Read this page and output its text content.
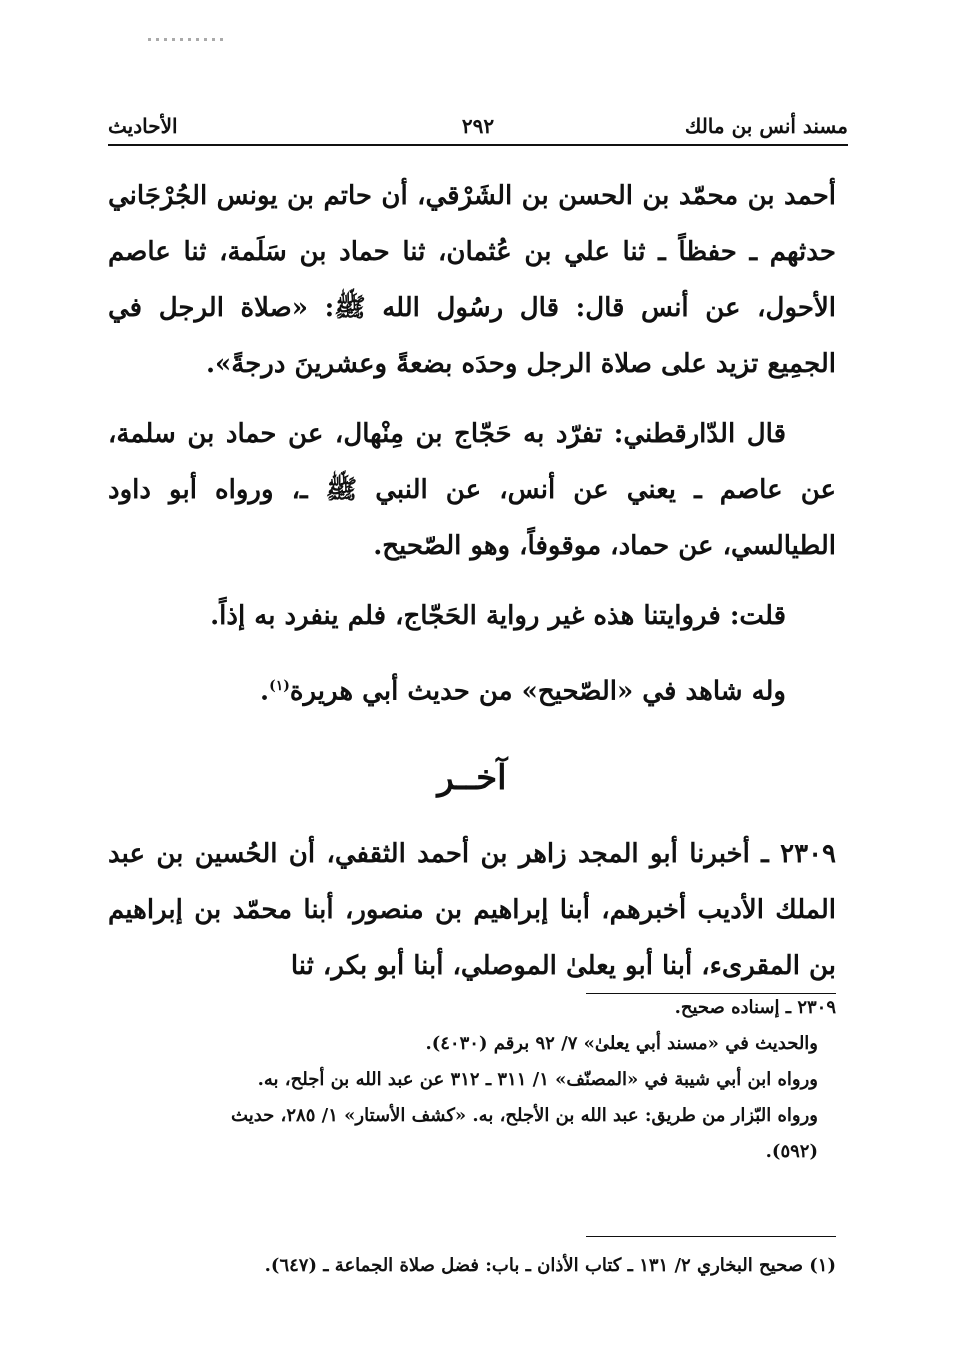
مسند أنس بن مالك
٢٩٢
الأحاديث

أحمد بن محمّد بن الحسن بن الشَرْقي، أن حاتم بن يونس الجُرْجَاني حدثهم ـ حفظاً ـ ثنا علي بن عُثمان، ثنا حماد بن سَلَمة، ثنا عاصم الأحول، عن أنس قال: قال رسُول الله ﷺ: «صلاة الرجل في الجمِيع تزيد على صلاة الرجل وحدَه بضعةً وعشرينَ درجةً».

قال الدّارقطني: تفرّد به حَجّاج بن مِنْهال، عن حماد بن سلمة، عن عاصم ـ يعني عن أنس، عن النبي ﷺ ـ، ورواه أبو داود الطيالسي، عن حماد، موقوفاً، وهو الصّحيح.

قلت: فروايتنا هذه غير رواية الحَجّاج، فلم ينفرد به إذاً.

وله شاهد في «الصّحيح» من حديث أبي هريرة$^{(١)}$.

آخــر

٢٣٠٩ ـ أخبرنا أبو المجد زاهر بن أحمد الثقفي، أن الحُسين بن عبد الملك الأديب أخبرهم، أبنا إبراهيم بن منصور، أبنا محمّد بن إبراهيم بن المقرىء، أبنا أبو يعلىٰ الموصلي، أبنا أبو بكر، ثنا

٢٣٠٩ ـ إسناده صحيح.

والحديث في «مسند أبي يعلىٰ» ٧/ ٩٢ برقم (٤٠٣٠).

ورواه ابن أبي شيبة في «المصنّف» ١/ ٣١١ ـ ٣١٢ عن عبد الله بن أجلح، به.

ورواه البّزار من طريق: عبد الله بن الأجلح، به. «كشف الأستار» ١/ ٢٨٥، حديث

(٥٩٢).

(١) صحيح البخاري ٢/ ١٣١ ـ كتاب الأذان ـ باب: فضل صلاة الجماعة ـ (٦٤٧).
